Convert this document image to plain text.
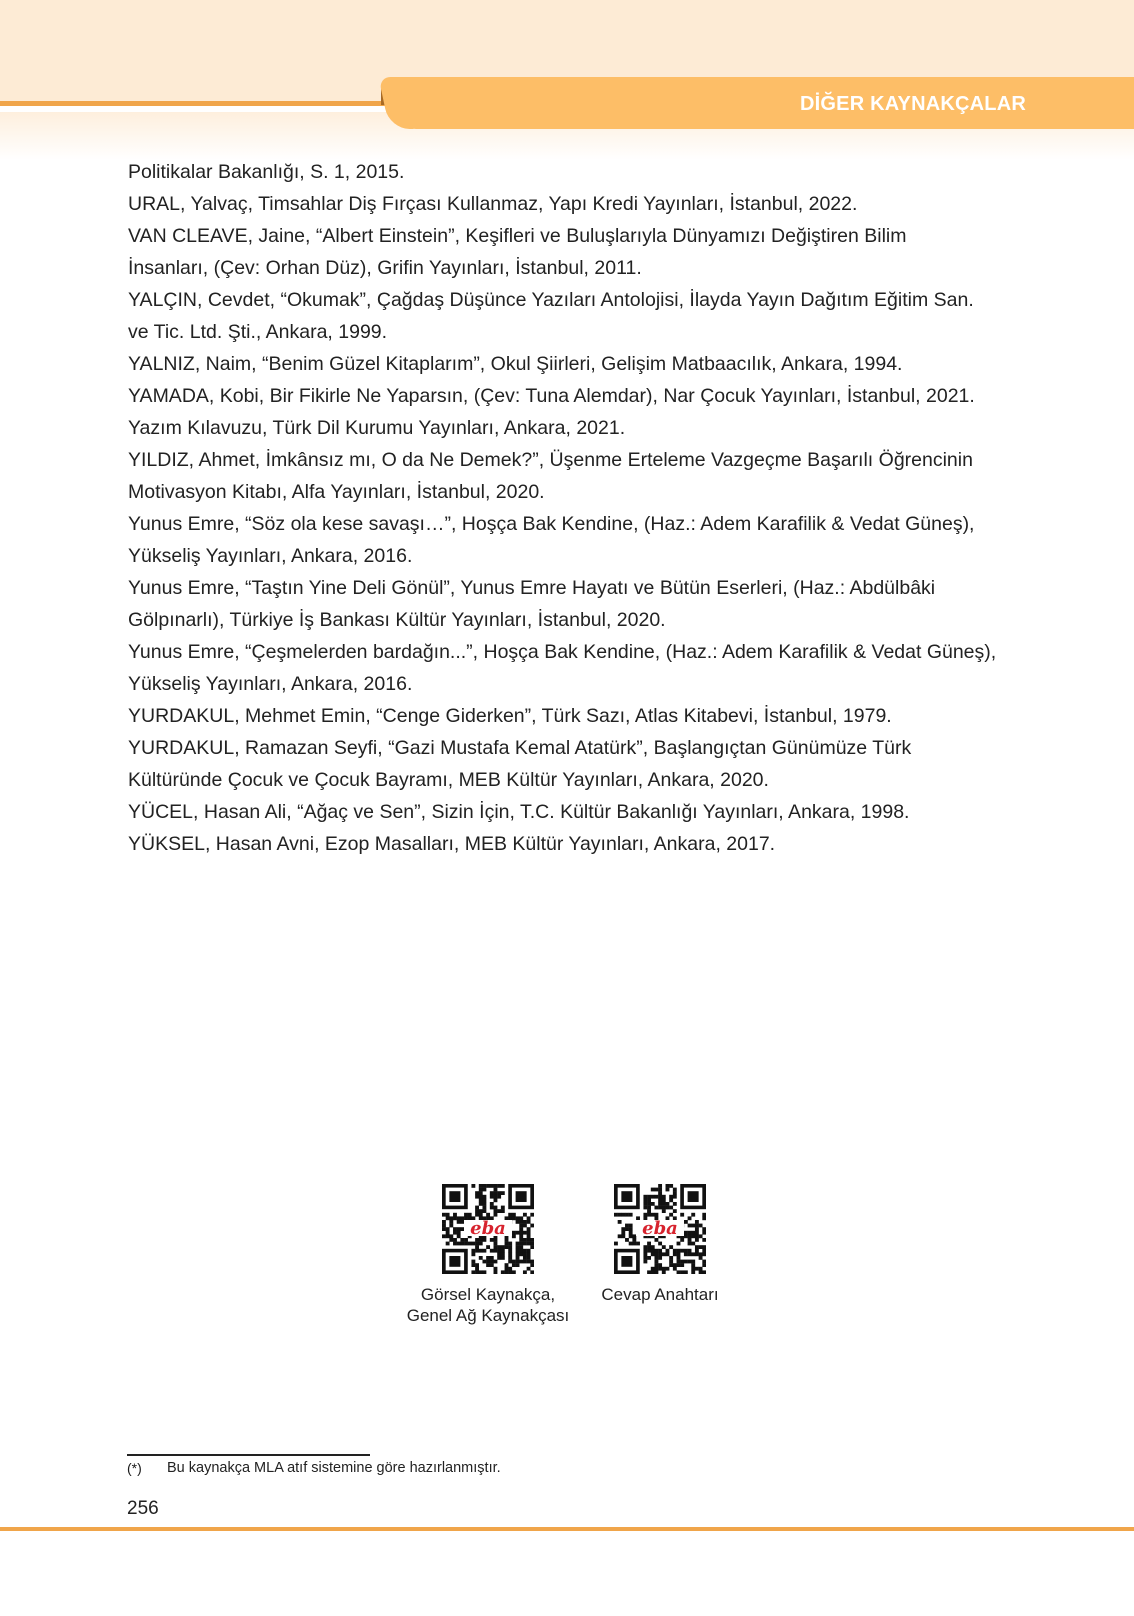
DİĞER KAYNAKÇALAR
Politikalar Bakanlığı, S. 1, 2015.
URAL, Yalvaç, Timsahlar Diş Fırçası Kullanmaz, Yapı Kredi Yayınları, İstanbul, 2022.
VAN CLEAVE, Jaine, “Albert Einstein”, Keşifleri ve Buluşlarıyla Dünyamızı Değiştiren Bilim
İnsanları, (Çev: Orhan Düz), Grifin Yayınları, İstanbul, 2011.
YALÇIN, Cevdet, “Okumak”, Çağdaş Düşünce Yazıları Antolojisi, İlayda Yayın Dağıtım Eğitim San.
ve Tic. Ltd. Şti., Ankara, 1999.
YALNIZ, Naim, “Benim Güzel Kitaplarım”, Okul Şiirleri, Gelişim Matbaacılık, Ankara, 1994.
YAMADA, Kobi, Bir Fikirle Ne Yaparsın, (Çev: Tuna Alemdar), Nar Çocuk Yayınları, İstanbul, 2021.
Yazım Kılavuzu, Türk Dil Kurumu Yayınları, Ankara, 2021.
YILDIZ, Ahmet, İmkânsız mı, O da Ne Demek?”, Üşenme Erteleme Vazgeçme Başarılı Öğrencinin
Motivasyon Kitabı, Alfa Yayınları, İstanbul, 2020.
Yunus Emre, “Söz ola kese savaşı…”, Hoşça Bak Kendine, (Haz.: Adem Karafilik & Vedat Güneş),
Yükseliş Yayınları, Ankara, 2016.
Yunus Emre, “Taştın Yine Deli Gönül”, Yunus Emre Hayatı ve Bütün Eserleri, (Haz.: Abdülbâki
Gölpınarlı), Türkiye İş Bankası Kültür Yayınları, İstanbul, 2020.
Yunus Emre, “Çeşmelerden bardağın...”, Hoşça Bak Kendine, (Haz.: Adem Karafilik & Vedat Güneş),
Yükseliş Yayınları, Ankara, 2016.
YURDAKUL, Mehmet Emin, “Cenge Giderken”, Türk Sazı, Atlas Kitabevi, İstanbul, 1979.
YURDAKUL, Ramazan Seyfi, “Gazi Mustafa Kemal Atatürk”, Başlangıçtan Günümüze Türk
Kültüründe Çocuk ve Çocuk Bayramı, MEB Kültür Yayınları, Ankara, 2020.
YÜCEL, Hasan Ali, “Ağaç ve Sen”, Sizin İçin, T.C. Kültür Bakanlığı Yayınları, Ankara, 1998.
YÜKSEL, Hasan Avni, Ezop Masalları, MEB Kültür Yayınları, Ankara, 2017.
eba
Görsel Kaynakça,
Genel Ağ Kaynakçası
eba
Cevap Anahtarı
(*) Bu kaynakça MLA atıf sistemine göre hazırlanmıştır.
256
